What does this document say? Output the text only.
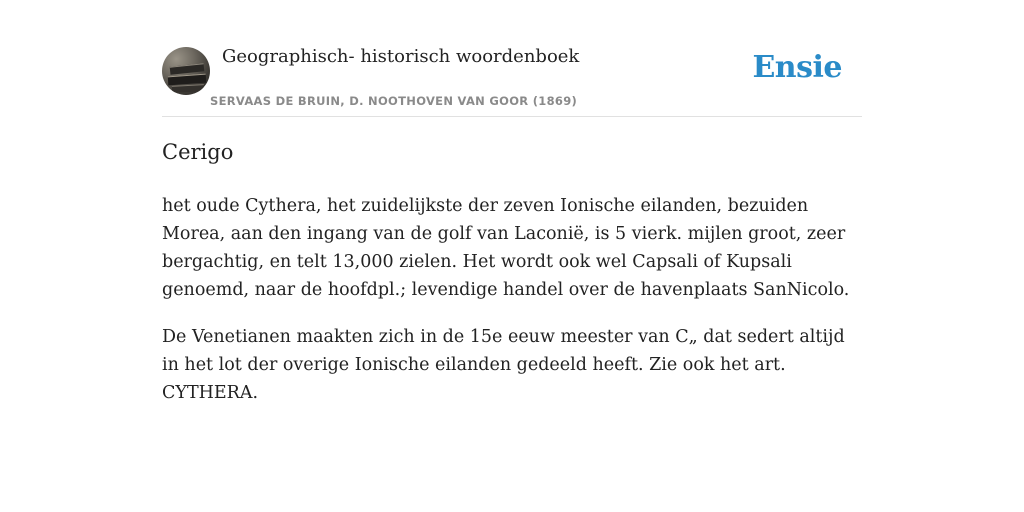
Geographisch- historisch woordenboek
SERVAAS DE BRUIN, D. NOOTHOVEN VAN GOOR (1869)
Ensie
Cerigo

het oude Cythera, het zuidelijkste der zeven Ionische eilanden, bezuiden Morea, aan den ingang van de golf van Laconië, is 5 vierk. mijlen groot, zeer bergachtig, en telt 13,000 zielen. Het wordt ook wel Capsali of Kupsali genoemd, naar de hoofdpl.; levendige handel over de havenplaats SanNicolo.

De Venetianen maakten zich in de 15e eeuw meester van C„ dat sedert altijd in het lot der overige Ionische eilanden gedeeld heeft. Zie ook het art. CYTHERA.
